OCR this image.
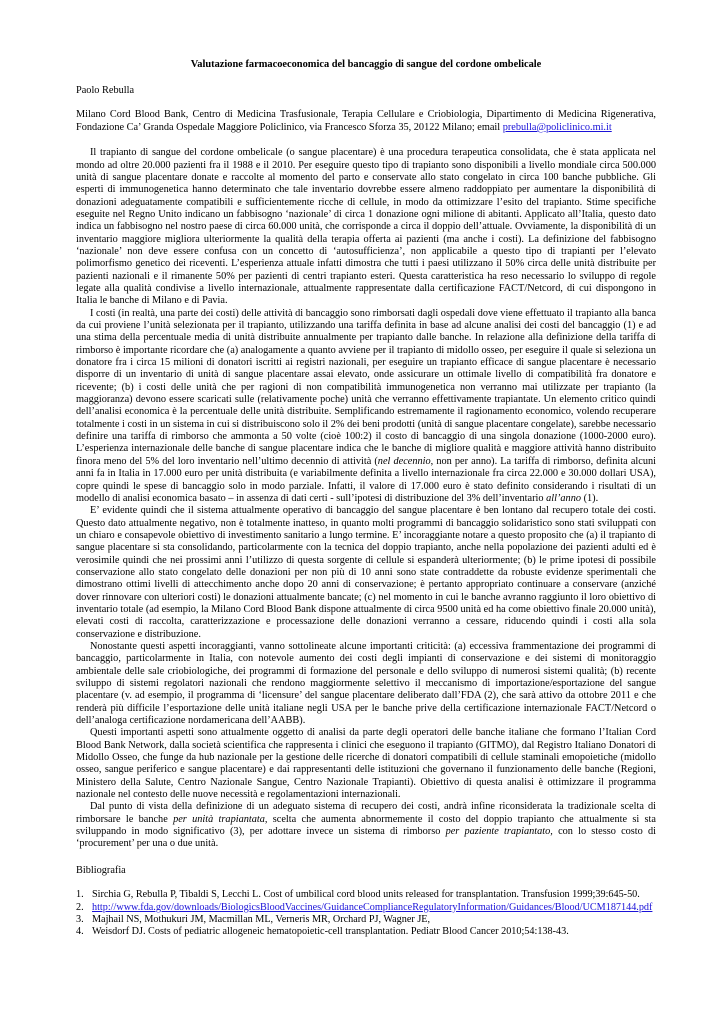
Valutazione farmacoeconomica del bancaggio di sangue del cordone ombelicale
Paolo Rebulla
Milano Cord Blood Bank, Centro di Medicina Trasfusionale, Terapia Cellulare e Criobiologia, Dipartimento di Medicina Rigenerativa, Fondazione Ca’ Granda Ospedale Maggiore Policlinico, via Francesco Sforza 35, 20122 Milano; email prebulla@policlinico.mi.it

Il trapianto di sangue del cordone ombelicale (o sangue placentare) è una procedura terapeutica consolidata, che è stata applicata nel mondo ad oltre 20.000 pazienti fra il 1988 e il 2010. Per eseguire questo tipo di trapianto sono disponibili a livello mondiale circa 500.000 unità di sangue placentare donate e raccolte al momento del parto e conservate allo stato congelato in circa 100 banche pubbliche. Gli esperti di immunogenetica hanno determinato che tale inventario dovrebbe essere almeno raddoppiato per aumentare la disponibilità di donazioni adeguatamente compatibili e sufficientemente ricche di cellule, in modo da ottimizzare l’esito del trapianto. Stime specifiche eseguite nel Regno Unito indicano un fabbisogno ‘nazionale’ di circa 1 donazione ogni milione di abitanti. Applicato all’Italia, questo dato indica un fabbisogno nel nostro paese di circa 60.000 unità, che corrisponde a circa il doppio dell’attuale. Ovviamente, la disponibilità di un inventario maggiore migliora ulteriormente la qualità della terapia offerta ai pazienti (ma anche i costi). La definizione del fabbisogno ‘nazionale’ non deve essere confusa con un concetto di ‘autosufficienza’, non applicabile a questo tipo di trapianti per l’elevato polimorfismo genetico dei riceventi. L’esperienza attuale infatti dimostra che tutti i paesi utilizzano il 50% circa delle unità distribuite per pazienti nazionali e il rimanente 50% per pazienti di centri trapianto esteri. Questa caratteristica ha reso necessario lo sviluppo di regole legate alla qualità condivise a livello internazionale, attualmente rappresentate dalla certificazione FACT/Netcord, di cui dispongono in Italia le banche di Milano e di Pavia.

I costi (in realtà, una parte dei costi) delle attività di bancaggio sono rimborsati dagli ospedali dove viene effettuato il trapianto alla banca da cui proviene l’unità selezionata per il trapianto, utilizzando una tariffa definita in base ad alcune analisi dei costi del bancaggio (1) e ad una stima della percentuale media di unità distribuite annualmente per trapianto dalle banche. In relazione alla definizione della tariffa di rimborso è importante ricordare che (a) analogamente a quanto avviene per il trapianto di midollo osseo, per eseguire il quale si seleziona un donatore fra i circa 15 milioni di donatori iscritti ai registri nazionali, per eseguire un trapianto efficace di sangue placentare è necessario disporre di un inventario di unità di sangue placentare assai elevato, onde assicurare un ottimale livello di compatibilità fra donatore e ricevente; (b) i costi delle unità che per ragioni di non compatibilità immunogenetica non verranno mai utilizzate per trapianto (la maggioranza) devono essere scaricati sulle (relativamente poche) unità che verranno effettivamente trapiantate. Un elemento critico quindi dell’analisi economica è la percentuale delle unità distribuite. Semplificando estremamente il ragionamento economico, volendo recuperare totalmente i costi in un sistema in cui si distribuiscono solo il 2% dei beni prodotti (unità di sangue placentare congelate), sarebbe necessario definire una tariffa di rimborso che ammonta a 50 volte (cioè 100:2) il costo di bancaggio di una singola donazione (1000-2000 euro). L’esperienza internazionale delle banche di sangue placentare indica che le banche di migliore qualità e maggiore attività hanno distribuito finora meno del 5% del loro inventario nell’ultimo decennio di attività (nel decennio, non per anno). La tariffa di rimborso, definita alcuni anni fa in Italia in 17.000 euro per unità distribuita (e variabilmente definita a livello internazionale fra circa 22.000 e 30.000 dollari USA), copre quindi le spese di bancaggio solo in modo parziale. Infatti, il valore di 17.000 euro è stato definito considerando i risultati di un modello di analisi economica basato – in assenza di dati certi - sull’ipotesi di distribuzione del 3% dell’inventario all’anno (1).

E’ evidente quindi che il sistema attualmente operativo di bancaggio del sangue placentare è ben lontano dal recupero totale dei costi. Questo dato attualmente negativo, non è totalmente inatteso, in quanto molti programmi di bancaggio solidaristico sono stati sviluppati con un chiaro e consapevole obiettivo di investimento sanitario a lungo termine. E’ incoraggiante notare a questo proposito che (a) il trapianto di sangue placentare si sta consolidando, particolarmente con la tecnica del doppio trapianto, anche nella popolazione dei pazienti adulti ed è verosimile quindi che nei prossimi anni l’utilizzo di questa sorgente di cellule si espanderà ulteriormente; (b) le prime ipotesi di possibile conservazione allo stato congelato delle donazioni per non più di 10 anni sono state contraddette da robuste evidenze sperimentali che dimostrano ottimi livelli di attecchimento anche dopo 20 anni di conservazione; è pertanto appropriato continuare a conservare (anziché dover rinnovare con ulteriori costi) le donazioni attualmente bancate; (c) nel momento in cui le banche avranno raggiunto il loro obiettivo di inventario totale (ad esempio, la Milano Cord Blood Bank dispone attualmente di circa 9500 unità ed ha come obiettivo finale 20.000 unità), elevati costi di raccolta, caratterizzazione e processazione delle donazioni verranno a cessare, riducendo quindi i costi alla sola conservazione e distribuzione.

Nonostante questi aspetti incoraggianti, vanno sottolineate alcune importanti criticità: (a) eccessiva frammentazione dei programmi di bancaggio, particolarmente in Italia, con notevole aumento dei costi degli impianti di conservazione e dei sistemi di monitoraggio ambientale delle sale criobiologiche, dei programmi di formazione del personale e dello sviluppo di numerosi sistemi qualità; (b) recente sviluppo di sistemi regolatori nazionali che rendono maggiormente selettivo il meccanismo di importazione/esportazione del sangue placentare (v. ad esempio, il programma di ‘licensure’ del sangue placentare deliberato dall’FDA (2), che sarà attivo da ottobre 2011 e che renderà più difficile l’esportazione delle unità italiane negli USA per le banche prive della certificazione internazionale FACT/Netcord o dell’analoga certificazione nordamericana dell’AABB).

Questi importanti aspetti sono attualmente oggetto di analisi da parte degli operatori delle banche italiane che formano l’Italian Cord Blood Bank Network, dalla società scientifica che rappresenta i clinici che eseguono il trapianto (GITMO), dal Registro Italiano Donatori di Midollo Osseo, che funge da hub nazionale per la gestione delle ricerche di donatori compatibili di cellule staminali emopoietiche (midollo osseo, sangue periferico e sangue placentare) e dai rappresentanti delle istituzioni che governano il funzionamento delle banche (Regioni, Ministero della Salute, Centro Nazionale Sangue, Centro Nazionale Trapianti). Obiettivo di questa analisi è ottimizzare il programma nazionale nel contesto delle nuove necessità e regolamentazioni internazionali.

Dal punto di vista della definizione di un adeguato sistema di recupero dei costi, andrà infine riconsiderata la tradizionale scelta di rimborsare le banche per unità trapiantata, scelta che aumenta abnormemente il costo del doppio trapianto che attualmente si sta sviluppando in modo significativo (3), per adottare invece un sistema di rimborso per paziente trapiantato, con lo stesso costo di ‘procurement’ per una o due unità.

Bibliografia
1. Sirchia G, Rebulla P, Tibaldi S, Lecchi L. Cost of umbilical cord blood units released for transplantation. Transfusion 1999;39:645-50.
2. http://www.fda.gov/downloads/BiologicsBloodVaccines/GuidanceComplianceRegulatoryInformation/Guidances/Blood/UCM187144.pdf
3. Majhail NS, Mothukuri JM, Macmillan ML, Verneris MR, Orchard PJ, Wagner JE,
4. Weisdorf DJ. Costs of pediatric allogeneic hematopoietic-cell transplantation. Pediatr Blood Cancer 2010;54:138-43.
